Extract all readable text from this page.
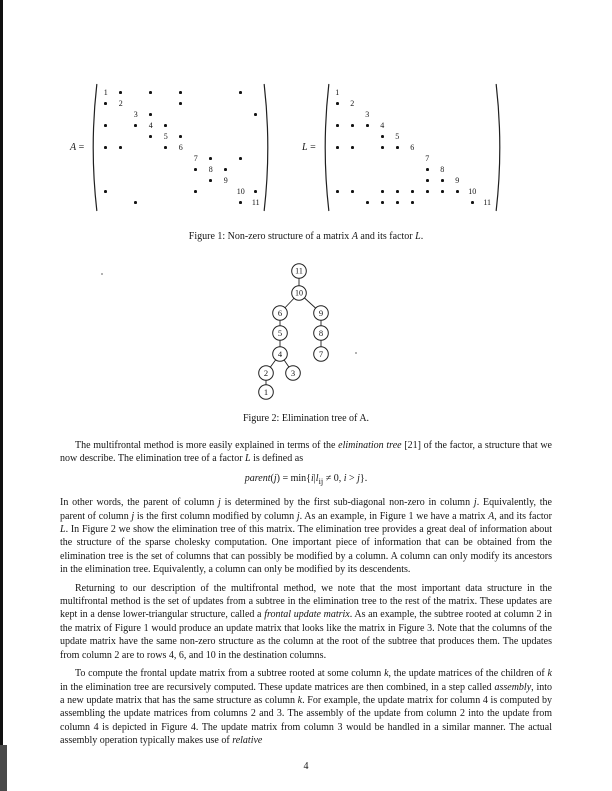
A =
1
2
3
4
5
6
7
8
9
10
11
L =
1
2
3
4
5
6
7
8
9
10
11
Figure 1: Non-zero structure of a matrix A and its factor L.
1
2	3
4
5
6
7
8
9
10
11
Figure 2: Elimination tree of A.
The multifrontal method is more easily explained in terms of the elimination tree [21] of the factor, a structure that we now describe. The elimination tree of a factor L is defined as
parent(j) = $\min\{i|l_{ij} \ne 0$, i > j}.
In other words, the parent of column j is determined by the first sub-diagonal non-zero in column j. Equivalently, the parent of column j is the first column modified by column j. As an example, in Figure 1 we have a matrix A, and its factor L. In Figure 2 we show the elimination tree of this matrix. The elimination tree provides a great deal of information about the structure of the sparse cholesky computation. One important piece of information that can be obtained from the elimination tree is the set of columns that can possibly be modified by a column. A column can only modify its ancestors in the elimination tree. Equivalently, a column can only be modified by its descendents.
Returning to our description of the multifrontal method, we note that the most important data structure in the multifrontal method is the set of updates from a subtree in the elimination tree to the rest of the matrix. These updates are kept in a dense lower-triangular structure, called a frontal update matrix. As an example, the subtree rooted at column 2 in the matrix of Figure 1 would produce an update matrix that looks like the matrix in Figure 3. Note that the columns of the update matrix have the same non-zero structure as the column at the root of the subtree that produces them. The updates from column 2 are to rows 4, 6, and 10 in the destination columns.
To compute the frontal update matrix from a subtree rooted at some column k, the update matrices of the children of k in the elimination tree are recursively computed. These update matrices are then combined, in a step called assembly, into a new update matrix that has the same structure as column k. For example, the update matrix for column 4 is computed by assembling the update matrices from columns 2 and 3. The assembly of the update from column 2 into the update from column 4 is depicted in Figure 4. The update matrix from column 3 would be handled in a similar manner. The actual assembly operation typically makes use of relative
4
